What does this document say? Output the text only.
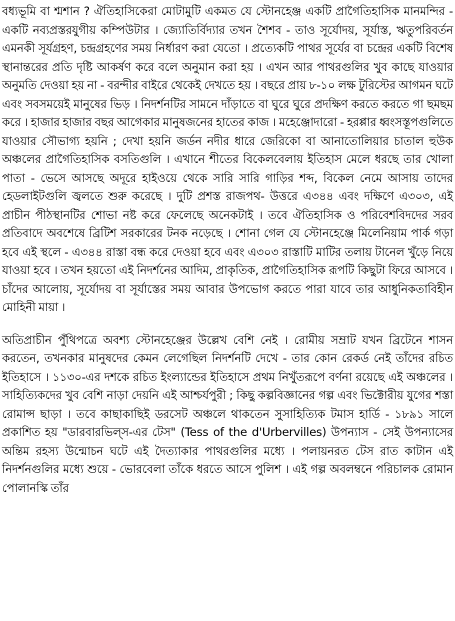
বধ্যভূমি বা শ্মশান ? ঐতিহাসিকেরা মোটামুটি একমত যে স্টোনহেঞ্জ একটি প্রাগৈতিহাসিক মানমন্দির - একটি নব্যপ্রস্তরযুগীয় কম্পিউটার । জ্যোতির্বিদ্যার তখন শৈশব - তাও সূর্যোদয়, সূর্যাস্ত, ঋতুপরিবর্তন এমনকী সূর্যগ্রহণ, চন্দ্রগ্রহণের সময় নির্ধারণ করা যেতো । প্রত্যেকটি পাথর সূর্যের বা চন্দ্রের একটি বিশেষ স্থানান্তরের প্রতি দৃষ্টি আকর্ষণ করে বলে অনুমান করা হয় । এখন আর পাথরগুলির খুব কাছে যাওয়ার অনুমতি দেওয়া হয় না - বরন্দীর বাইরে থেকেই দেখতে হয় । বছরে প্রায় ৮-১০ লক্ষ টুরিস্টের আগমন ঘটে এবং সবসময়েই মানুষের ভিড় । নিদর্শনটির সামনে দাঁড়াতে বা ঘুরে ঘুরে প্রদক্ষিণ করতে করতে গা ছমছম করে । হাজার হাজার বছর আগেকার মানুষজনের হাতের কাজ । মহেঞ্জোদারো - হরপ্পার ধ্বংসস্তূপগুলিতে যাওয়ার সৌভাগ্য হয়নি ; দেখা হয়নি জর্ডন নদীর ধারে জেরিকো বা আনাতোলিয়ার চাতাল হুউক অঞ্চলের প্রাগৈতিহাসিক বসতিগুলি । এখানে শীতের বিকেলবেলায় ইতিহাস মেলে ধরছে তার খোলা পাতা - ভেসে আসছে অদূরে হাইওয়ে থেকে সারি সারি গাড়ির শব্দ, বিকেল নেমে আসায় তাদের হেডলাইটগুলি জ্বলতে শুরু করেছে । দুটি প্রশস্ত রাজপথ- উত্তরে এ৩৪৪ এবং দক্ষিণে এ৩০৩, এই প্রাচীন পীঠস্থানটির শোভা নষ্ট করে ফেলেছে অনেকটাই । তবে ঐতিহাসিক ও পরিবেশবিদদের সরব প্রতিবাদে অবশেষে ব্রিটিশ সরকারের টনক নড়েছে । শোনা গেল যে স্টোনহেঞ্জে মিলেনিয়াম পার্ক গড়া হবে এই স্থলে - এ৩৪৪ রাস্তা বন্ধ করে দেওয়া হবে এবং এ৩০৩ রাস্তাটি মাটির তলায় টানেল খুঁড়ে নিয়ে যাওয়া হবে । তখন হয়তো এই নিদর্শনের আদিম, প্রাকৃতিক, প্রাগৈতিহাসিক রূপটি কিছুটা ফিরে আসবে । চাঁদের আলোয়, সূর্যোদয় বা সূর্যাস্তের সময় আবার উপভোগ করতে পারা যাবে তার আধুনিকতাবিহীন মোহিনী মায়া ।

অতিপ্রাচীন পুঁথিপত্রে অবশ্য স্টোনহেঞ্জের উল্লেখ বেশি নেই । রোমীয় সম্রাট যখন ব্রিটেনে শাসন করতেন, তখনকার মানুষদের কেমন লেগেছিল নিদর্শনটি দেখে - তার কোন রেকর্ড নেই তাঁদের রচিত ইতিহাসে । ১১৩০-এর দশকে রচিত ইংল্যান্ডের ইতিহাসে প্রথম নিখুঁতরূপে বর্ণনা রয়েছে এই অঞ্চলের । সাহিত্যিকদের খুব বেশি নাড়া দেয়নি এই আশ্চর্যপুরী ; কিছু কল্পবিজ্ঞানের গল্প এবং ভিক্টোরীয় যুগের শস্তা রোমান্স ছাড়া । তবে কাছাকাছিই ডরসেট অঞ্চলে থাকতেন সুসাহিত্যিক টমাস হার্ডি - ১৮৯১ সালে প্রকাশিত হয় "ডারবারভিল্‌স-এর টেস" (Tess of the d'Urbervilles) উপন্যাস - সেই উপন্যাসের অন্তিম রহস্য উন্মোচন ঘটে এই দৈত্যাকার পাথরগুলির মধ্যে । পলায়নরত টেস রাত কাটান এই নিদর্শনগুলির মধ্যে শুয়ে - ভোরবেলা তাঁকে ধরতে আসে পুলিশ । এই গল্প অবলম্বনে পরিচালক রোমান পোলানস্কি তাঁর
